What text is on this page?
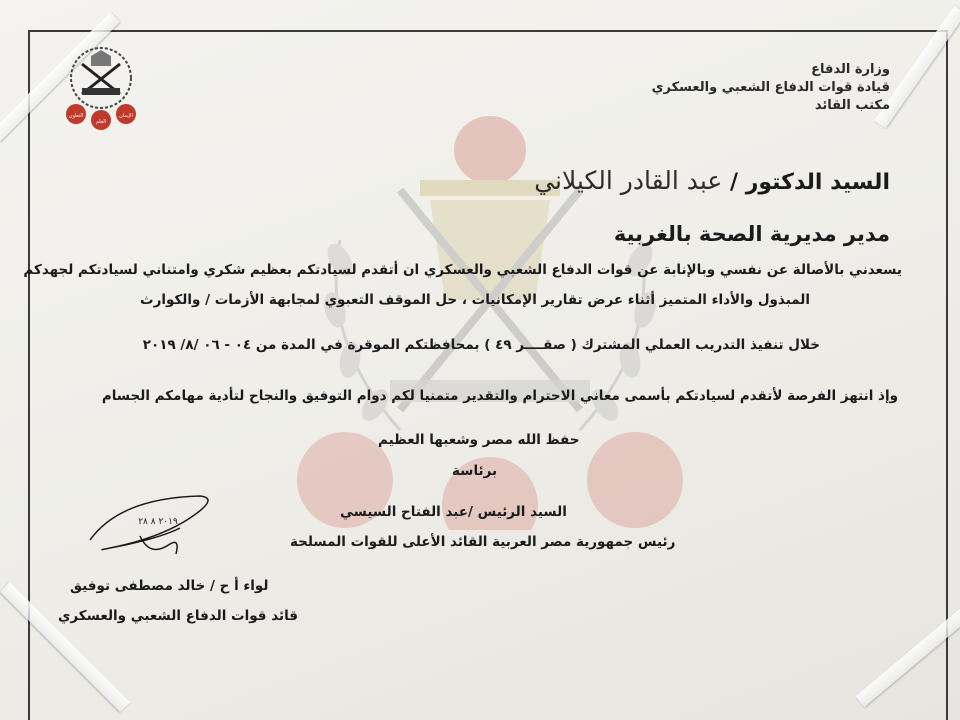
التعاون
العلم
الإيمان
وزارة الدفاع
قيادة قوات الدفاع الشعبي والعسكري
مكتب القائد
السيد الدكتور / عبد القادر الكيلاني
مدير مديرية الصحة بالغربية
يسعدني بالأصالة عن نفسي وبالإنابة عن قوات الدفاع الشعبي والعسكري ان أتقدم لسيادتكم بعظيم شكري وامتناني لسيادتكم لجهدكم
المبذول والأداء المتميز أثناء عرض تقارير الإمكانيات ، حل الموقف التعبوي لمجابهة الأزمات / والكوارث
خلال تنفيذ التدريب العملي المشترك ( صقــــر ٤٩ ) بمحافظتكم الموقرة في المدة من ٠٤ - ٠٦ /٨/ ٢٠١٩
وإذ انتهز الفرصة لأتقدم لسيادتكم بأسمى معاني الاحترام والتقدير متمنيا لكم دوام التوفيق والنجاح لتأدية مهامكم الجسام
حفظ الله مصر وشعبها العظيم
برئاسة
السيد الرئيس /عبد الفتاح السيسي
رئيس جمهورية مصر العربية القائد الأعلى للقوات المسلحة
٢٠١٩ ٨ ٢٨
لواء أ ح / خالد مصطفى توفيق
قائد قوات الدفاع الشعبي والعسكري
